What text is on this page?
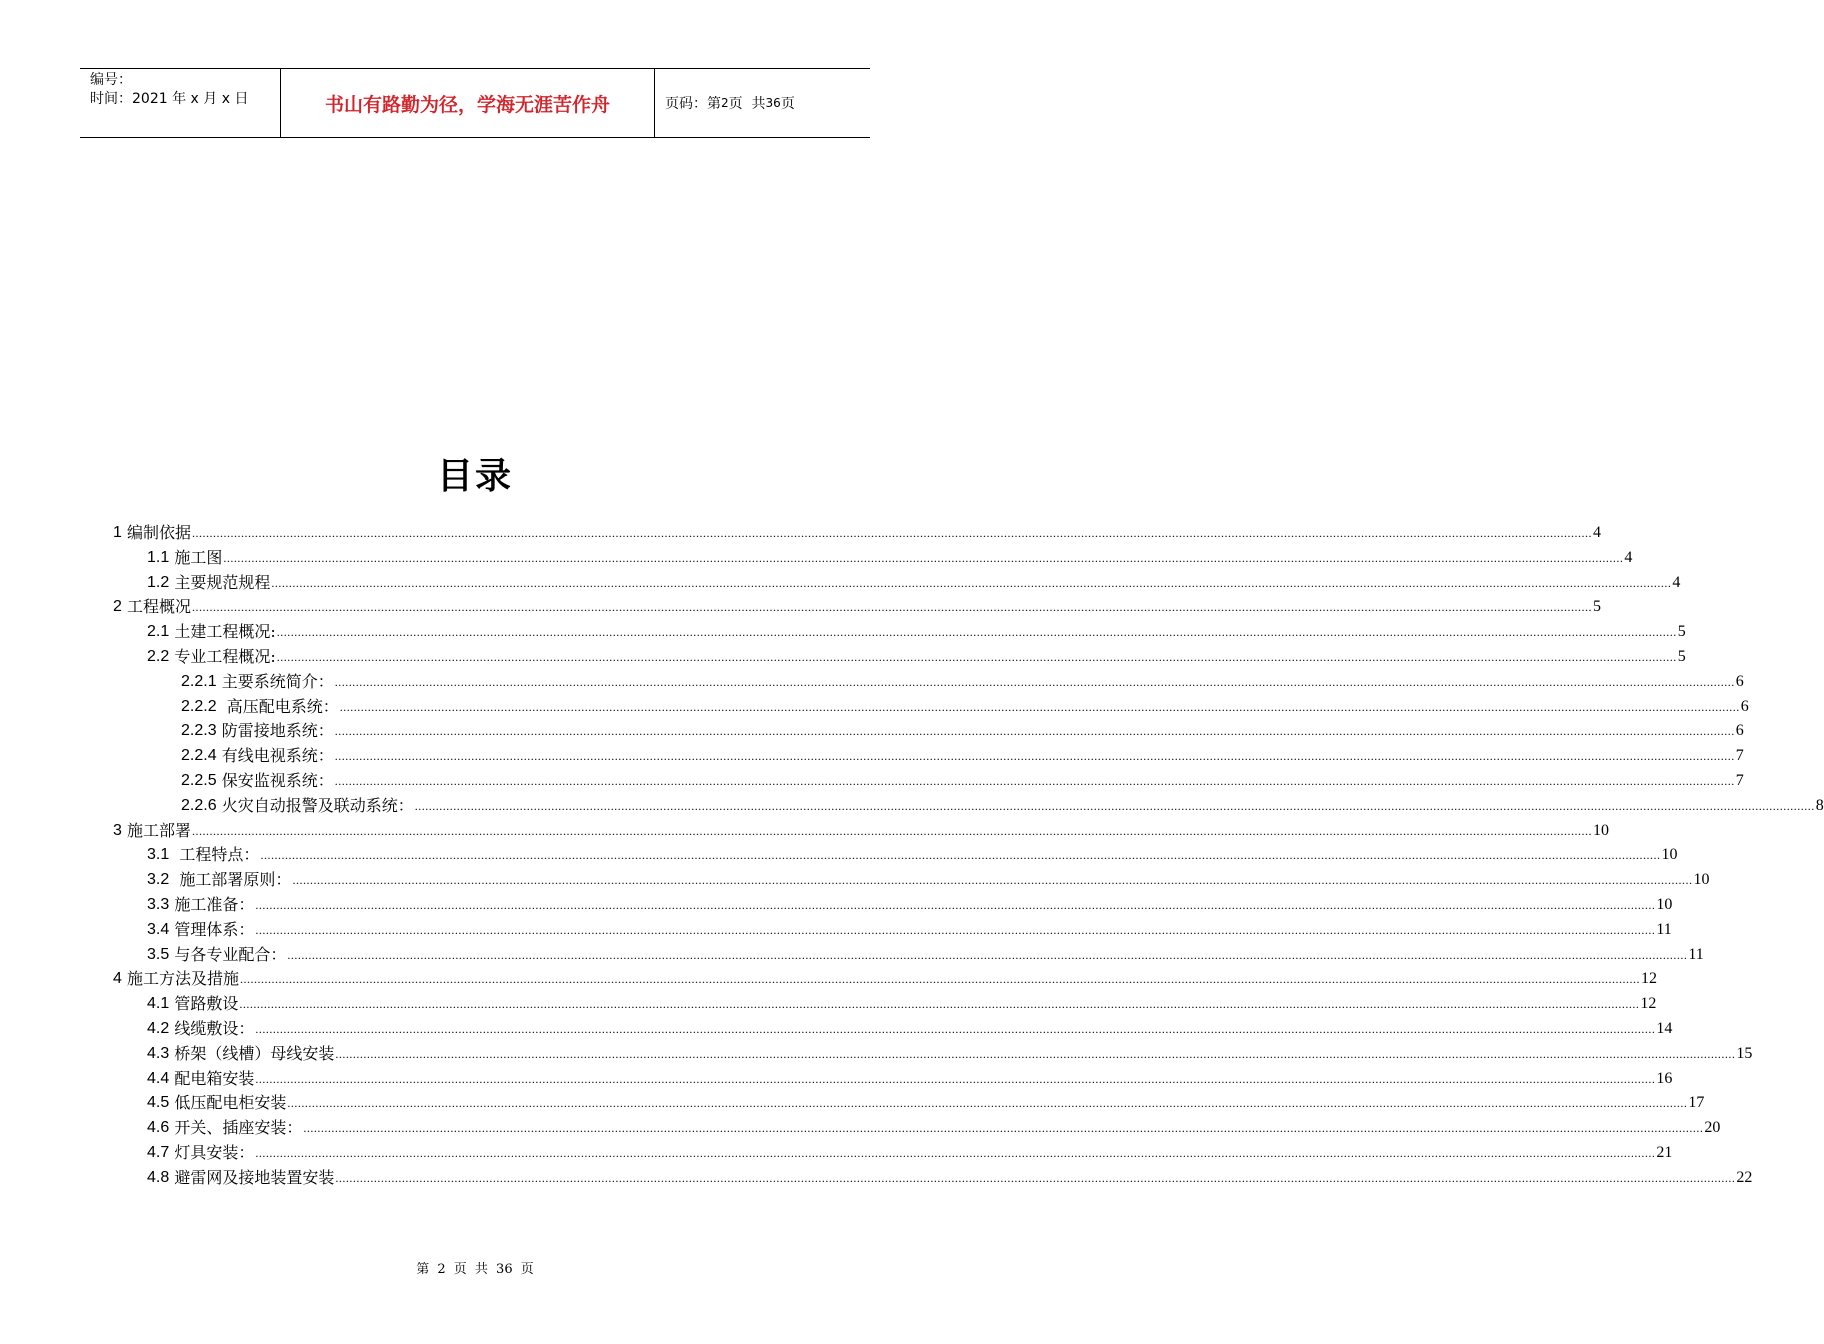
编号：
时间：2021 年 x 月 x 日	书山有路勤为径，学海无涯苦作舟	页码：第 2 页  共 36 页
目录
1
编制依据 ................................................................................................................................................................................................................................................................................................................................................................................................................ 4
1.1
施工图 ................................................................................................................................................................................................................................................................................................................................................................................................................ 4
1.2
主要规范规程 ................................................................................................................................................................................................................................................................................................................................................................................................................ 4
2
工程概况 ................................................................................................................................................................................................................................................................................................................................................................................................................ 5
2.1
土建工程概况: ................................................................................................................................................................................................................................................................................................................................................................................................................ 5
2.2
专业工程概况: ................................................................................................................................................................................................................................................................................................................................................................................................................ 5
2.2.1
主要系统简介： ................................................................................................................................................................................................................................................................................................................................................................................................................ 6
2.2.2
高压配电系统： ................................................................................................................................................................................................................................................................................................................................................................................................................ 6
2.2.3
防雷接地系统： ................................................................................................................................................................................................................................................................................................................................................................................................................ 6
2.2.4
有线电视系统： ................................................................................................................................................................................................................................................................................................................................................................................................................ 7
2.2.5
保安监视系统： ................................................................................................................................................................................................................................................................................................................................................................................................................ 7
2.2.6
火灾自动报警及联动系统： ................................................................................................................................................................................................................................................................................................................................................................................................................ 8
3
施工部署 ................................................................................................................................................................................................................................................................................................................................................................................................................ 10
3.1
工程特点： ................................................................................................................................................................................................................................................................................................................................................................................................................ 10
3.2
施工部署原则： ................................................................................................................................................................................................................................................................................................................................................................................................................ 10
3.3
施工准备： ................................................................................................................................................................................................................................................................................................................................................................................................................ 10
3.4
管理体系： ................................................................................................................................................................................................................................................................................................................................................................................................................ 11
3.5
与各专业配合： ................................................................................................................................................................................................................................................................................................................................................................................................................ 11
4
施工方法及措施 ................................................................................................................................................................................................................................................................................................................................................................................................................ 12
4.1
管路敷设 ................................................................................................................................................................................................................................................................................................................................................................................................................ 12
4.2
线缆敷设： ................................................................................................................................................................................................................................................................................................................................................................................................................ 14
4.3
桥架（线槽）母线安装 ................................................................................................................................................................................................................................................................................................................................................................................................................ 15
4.4
配电箱安装 ................................................................................................................................................................................................................................................................................................................................................................................................................ 16
4.5
低压配电柜安装 ................................................................................................................................................................................................................................................................................................................................................................................................................ 17
4.6
开关、插座安装： ................................................................................................................................................................................................................................................................................................................................................................................................................ 20
4.7
灯具安装： ................................................................................................................................................................................................................................................................................................................................................................................................................ 21
4.8
避雷网及接地装置安装 ................................................................................................................................................................................................................................................................................................................................................................................................................ 22
第 2 页 共 36 页
